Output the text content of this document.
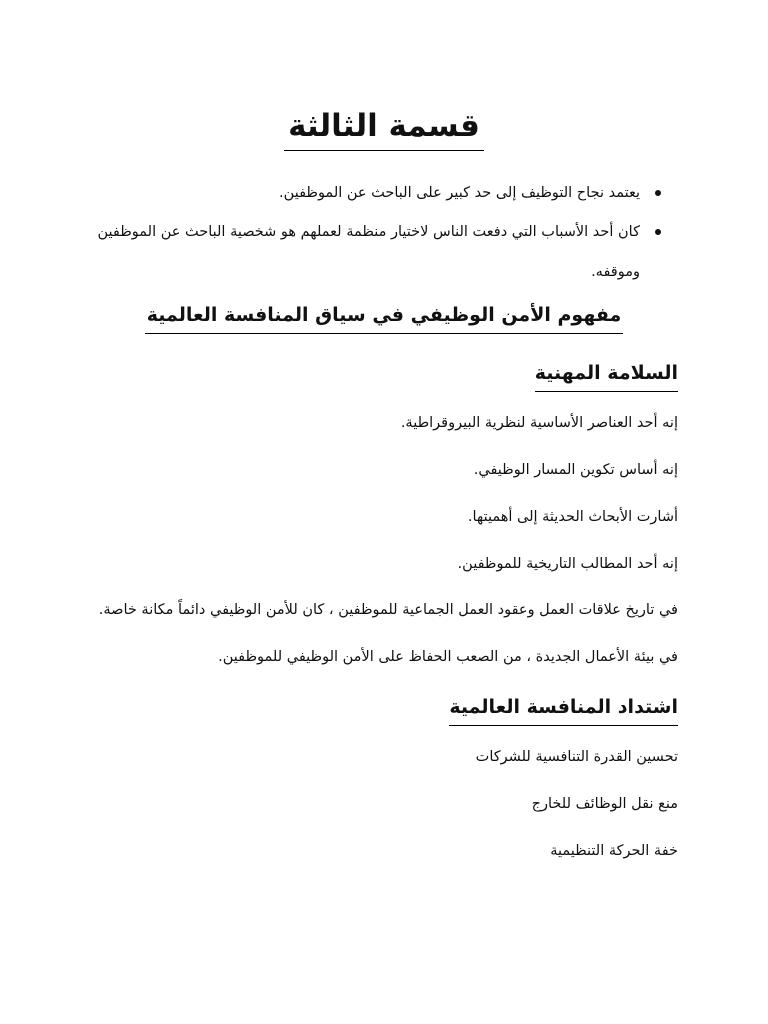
قسمة الثالثة
يعتمد نجاح التوظيف إلى حد كبير على الباحث عن الموظفين.
كان أحد الأسباب التي دفعت الناس لاختيار منظمة لعملهم هو شخصية الباحث عن الموظفين وموقفه.
مفهوم الأمن الوظيفي في سياق المنافسة العالمية
السلامة المهنية
إنه أحد العناصر الأساسية لنظرية البيروقراطية.
إنه أساس تكوين المسار الوظيفي.
أشارت الأبحاث الحديثة إلى أهميتها.
إنه أحد المطالب التاريخية للموظفين.
في تاريخ علاقات العمل وعقود العمل الجماعية للموظفين ، كان للأمن الوظيفي دائماً مكانة خاصة.
في بيئة الأعمال الجديدة ، من الصعب الحفاظ على الأمن الوظيفي للموظفين.
اشتداد المنافسة العالمية
تحسين القدرة التنافسية للشركات
منع نقل الوظائف للخارج
خفة الحركة التنظيمية
